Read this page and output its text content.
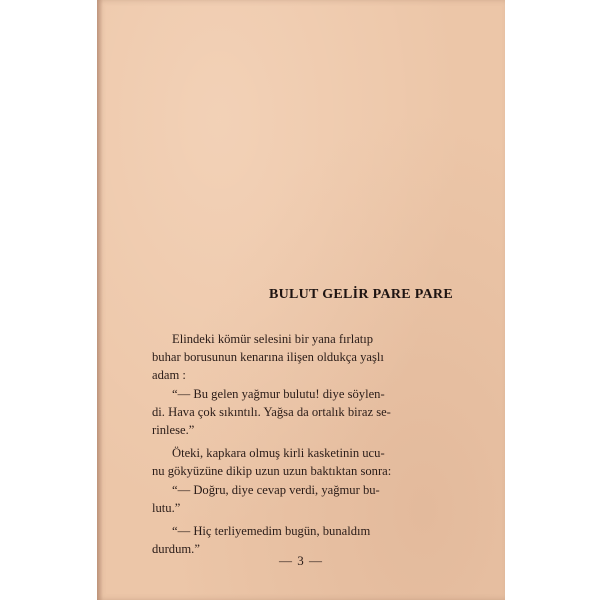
BULUT GELİR PARE PARE

Elindeki kömür selesini bir yana fırlatıp
buhar borusunun kenarına ilişen oldukça yaşlı
adam :

“— Bu gelen yağmur bulutu! diye söylen-
di. Hava çok sıkıntılı. Yağsa da ortalık biraz se-
rinlese.”

Öteki, kapkara olmuş kirli kasketinin ucu-
nu gökyüzüne dikip uzun uzun baktıktan sonra:

“— Doğru, diye cevap verdi, yağmur bu-
lutu.”

“— Hiç terliyemedim bugün, bunaldım
durdum.”

— 3 —
